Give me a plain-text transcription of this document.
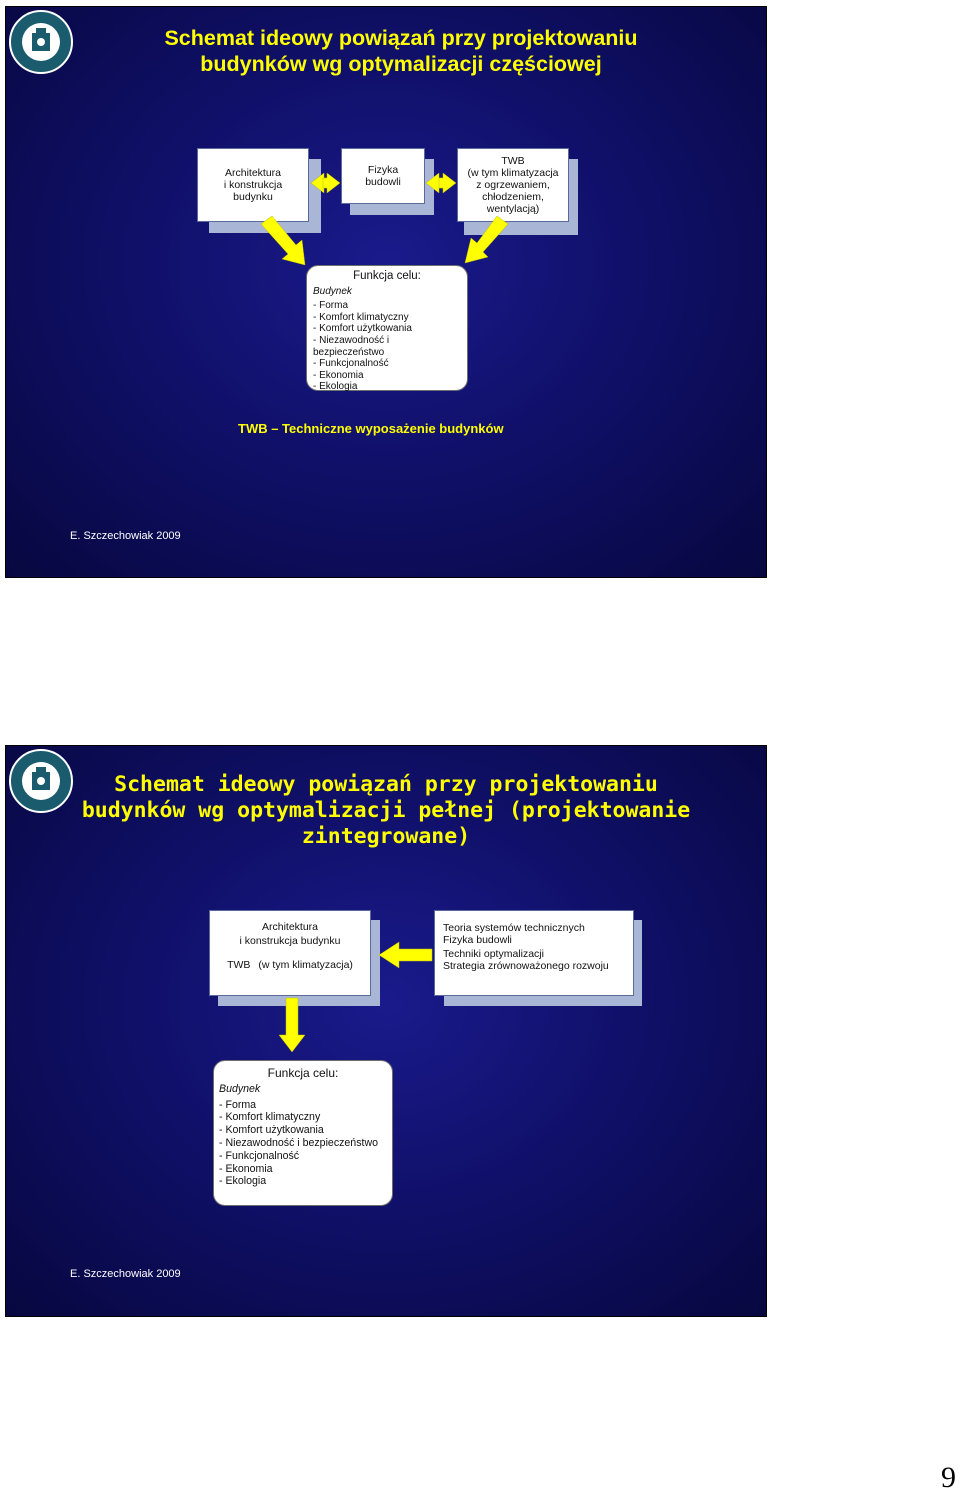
Schemat ideowy powiązań przy projektowaniu
budynków wg optymalizacji częściowej
Architektura
i konstrukcja
budynku
Fizyka
budowli
TWB
(w tym klimatyzacja
z ogrzewaniem,
chłodzeniem,
wentylacją)
Funkcja celu:
Budynek
- Forma
- Komfort klimatyczny
- Komfort użytkowania
- Niezawodność i bezpieczeństwo
- Funkcjonalność
- Ekonomia
- Ekologia
TWB – Techniczne wyposażenie budynków
E. Szczechowiak 2009
Schemat ideowy powiązań przy projektowaniu
budynków wg optymalizacji pełnej (projektowanie
zintegrowane)
Architektura
i konstrukcja budynku
TWB (w tym klimatyzacja)
Teoria systemów technicznych
Fizyka budowli
Techniki optymalizacji
Strategia zrównoważonego rozwoju
Funkcja celu:
Budynek
- Forma
- Komfort klimatyczny
- Komfort użytkowania
- Niezawodność i bezpieczeństwo
- Funkcjonalność
- Ekonomia
- Ekologia
E. Szczechowiak 2009
9
